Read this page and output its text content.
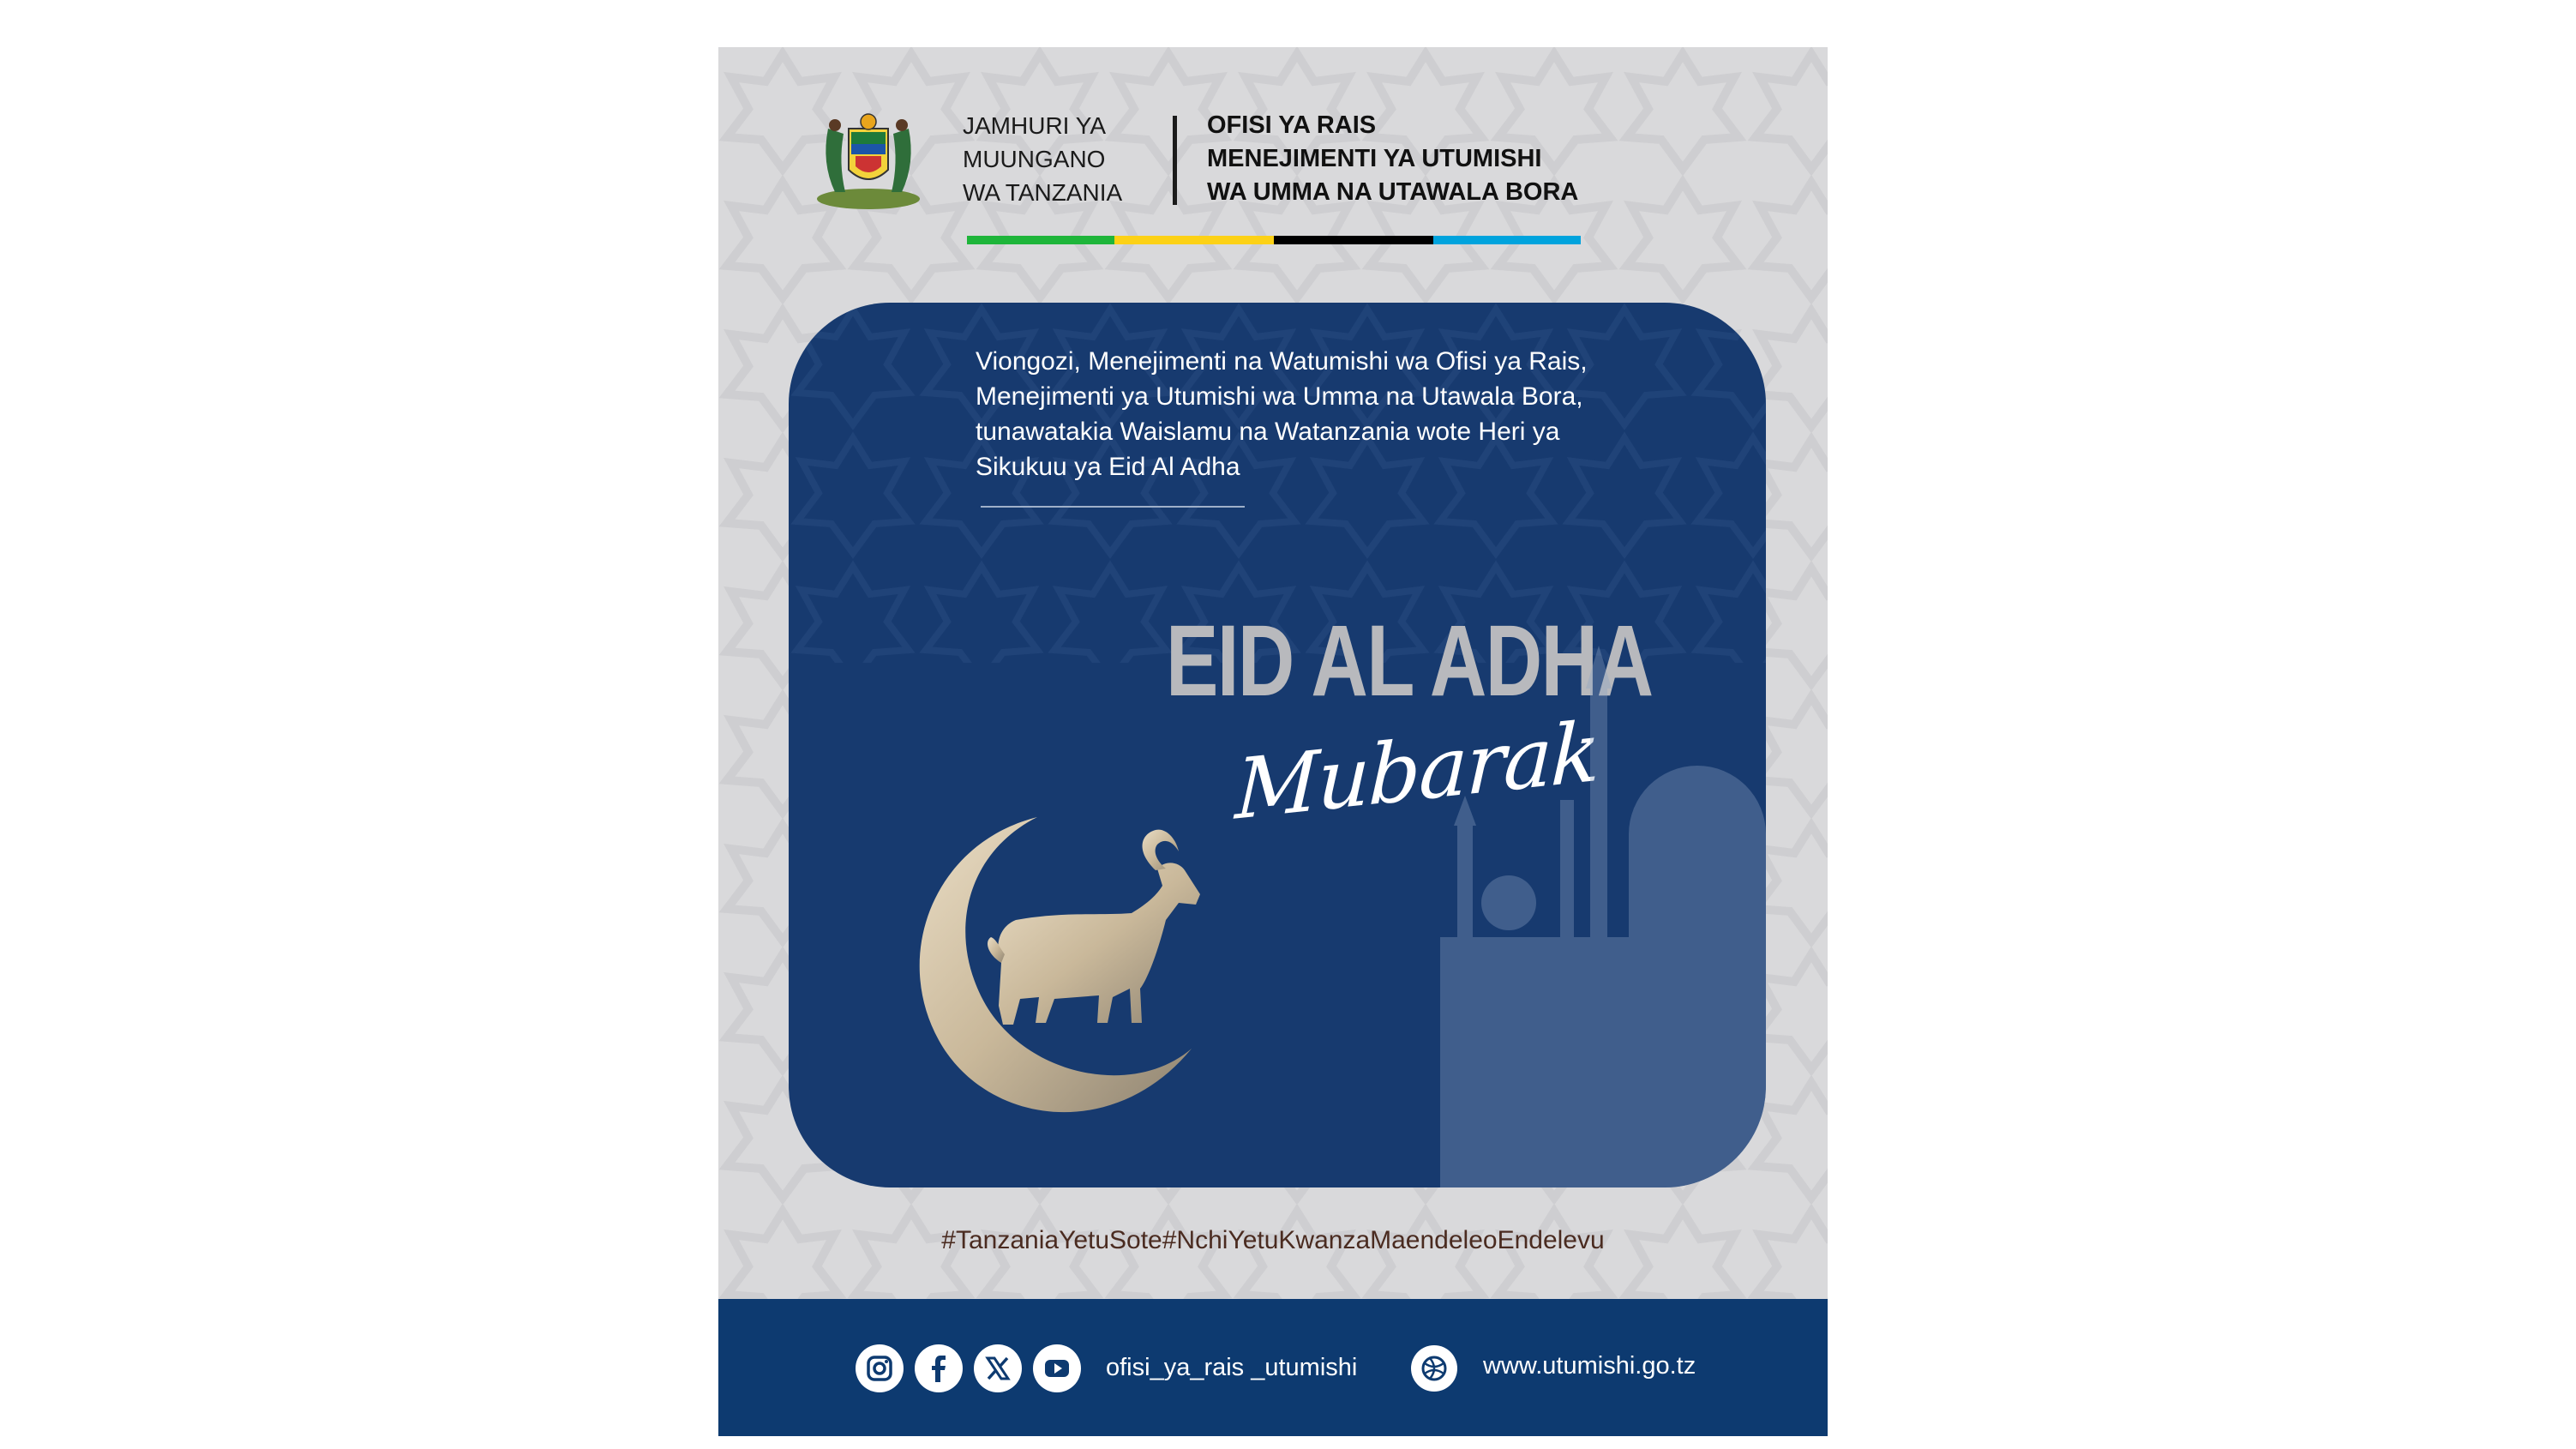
JAMHURI YA
MUUNGANO
WA TANZANIA
OFISI YA RAIS
MENEJIMENTI YA UTUMISHI
WA UMMA NA UTAWALA BORA
Viongozi, Menejimenti na Watumishi wa Ofisi ya Rais,
Menejimenti ya Utumishi wa Umma na Utawala Bora,
tunawatakia Waislamu na Watanzania wote Heri ya
Sikukuu ya Eid Al Adha
EID AL ADHA
Mubarak
#TanzaniaYetuSote#NchiYetuKwanzaMaendeleoEndelevu
ofisi_ya_rais _utumishi	www.utumishi.go.tz
